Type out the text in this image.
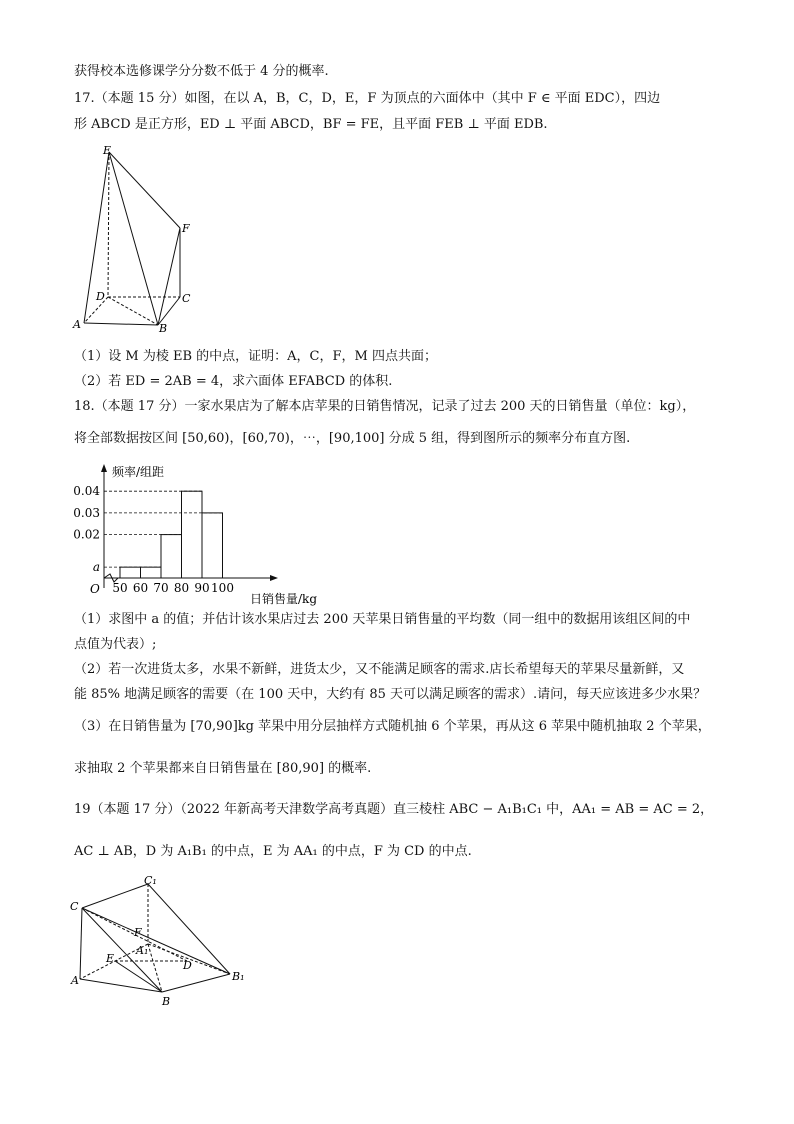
获得校本选修课学分分数不低于 4 分的概率.
17.（本题 15 分）如图，在以 A，B，C，D，E，F 为顶点的六面体中（其中 F ∈ 平面 EDC），四边
形 ABCD 是正方形，ED ⊥ 平面 ABCD，BF = FE，且平面 FEB ⊥ 平面 EDB.
E
F
D	C
A	B
（1）设 M 为棱 EB 的中点，证明：A，C，F，M 四点共面；
（2）若 ED = 2AB = 4，求六面体 EFABCD 的体积.
18.（本题 17 分）一家水果店为了解本店苹果的日销售情况，记录了过去 200 天的日销售量（单位：kg），
将全部数据按区间 [50,60)，[60,70)，⋯，[90,100] 分成 5 组，得到图所示的频率分布直方图.
0.04
0.03
0.02
a
50 60 70 80 90 100
频率/组距
日销售量/kg
O
（1）求图中 a 的值；并估计该水果店过去 200 天苹果日销售量的平均数（同一组中的数据用该组区间的中
点值为代表）;
（2）若一次进货太多，水果不新鲜，进货太少，又不能满足顾客的需求.店长希望每天的苹果尽量新鲜，又
能 85% 地满足顾客的需要（在 100 天中，大约有 85 天可以满足顾客的需求）.请问，每天应该进多少水果？
（3）在日销售量为 [70,90]kg 苹果中用分层抽样方式随机抽 6 个苹果，再从这 6 苹果中随机抽取 2 个苹果，
求抽取 2 个苹果都来自日销售量在 [80,90] 的概率.
19（本题 17 分）（2022 年新高考天津数学高考真题）直三棱柱 ABC − A₁B₁C₁ 中，AA₁ = AB = AC = 2，
AC ⊥ AB，D 为 A₁B₁ 的中点，E 为 AA₁ 的中点，F 为 CD 的中点.
C₁
C
F
A₁
E
D
A
B
B₁
